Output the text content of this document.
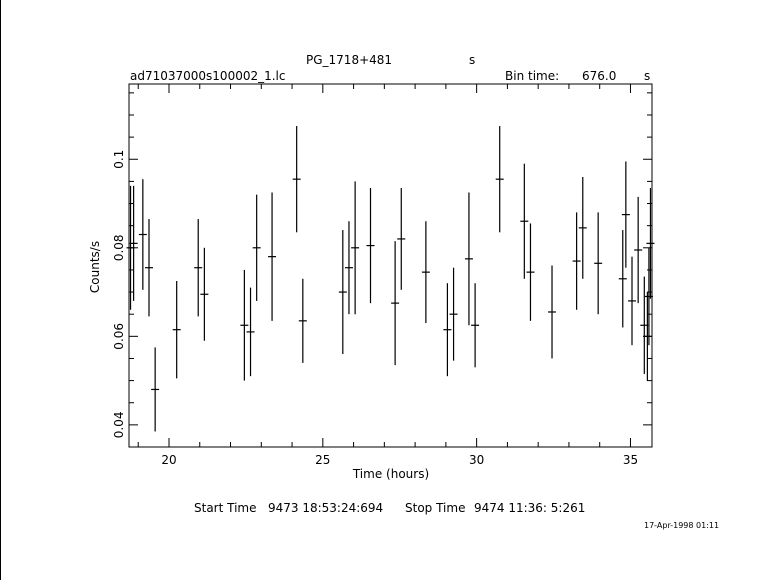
PG_1718+481	s
ad71037000s100002_1.lc	Bin time: 676.0 s
20	25	30	35
0.04
0.06
0.08
0.1
Time (hours)
Counts/s
Start Time 9473 18:53:24:694 Stop Time 9474 11:36: 5:261
17-Apr-1998 01:11
